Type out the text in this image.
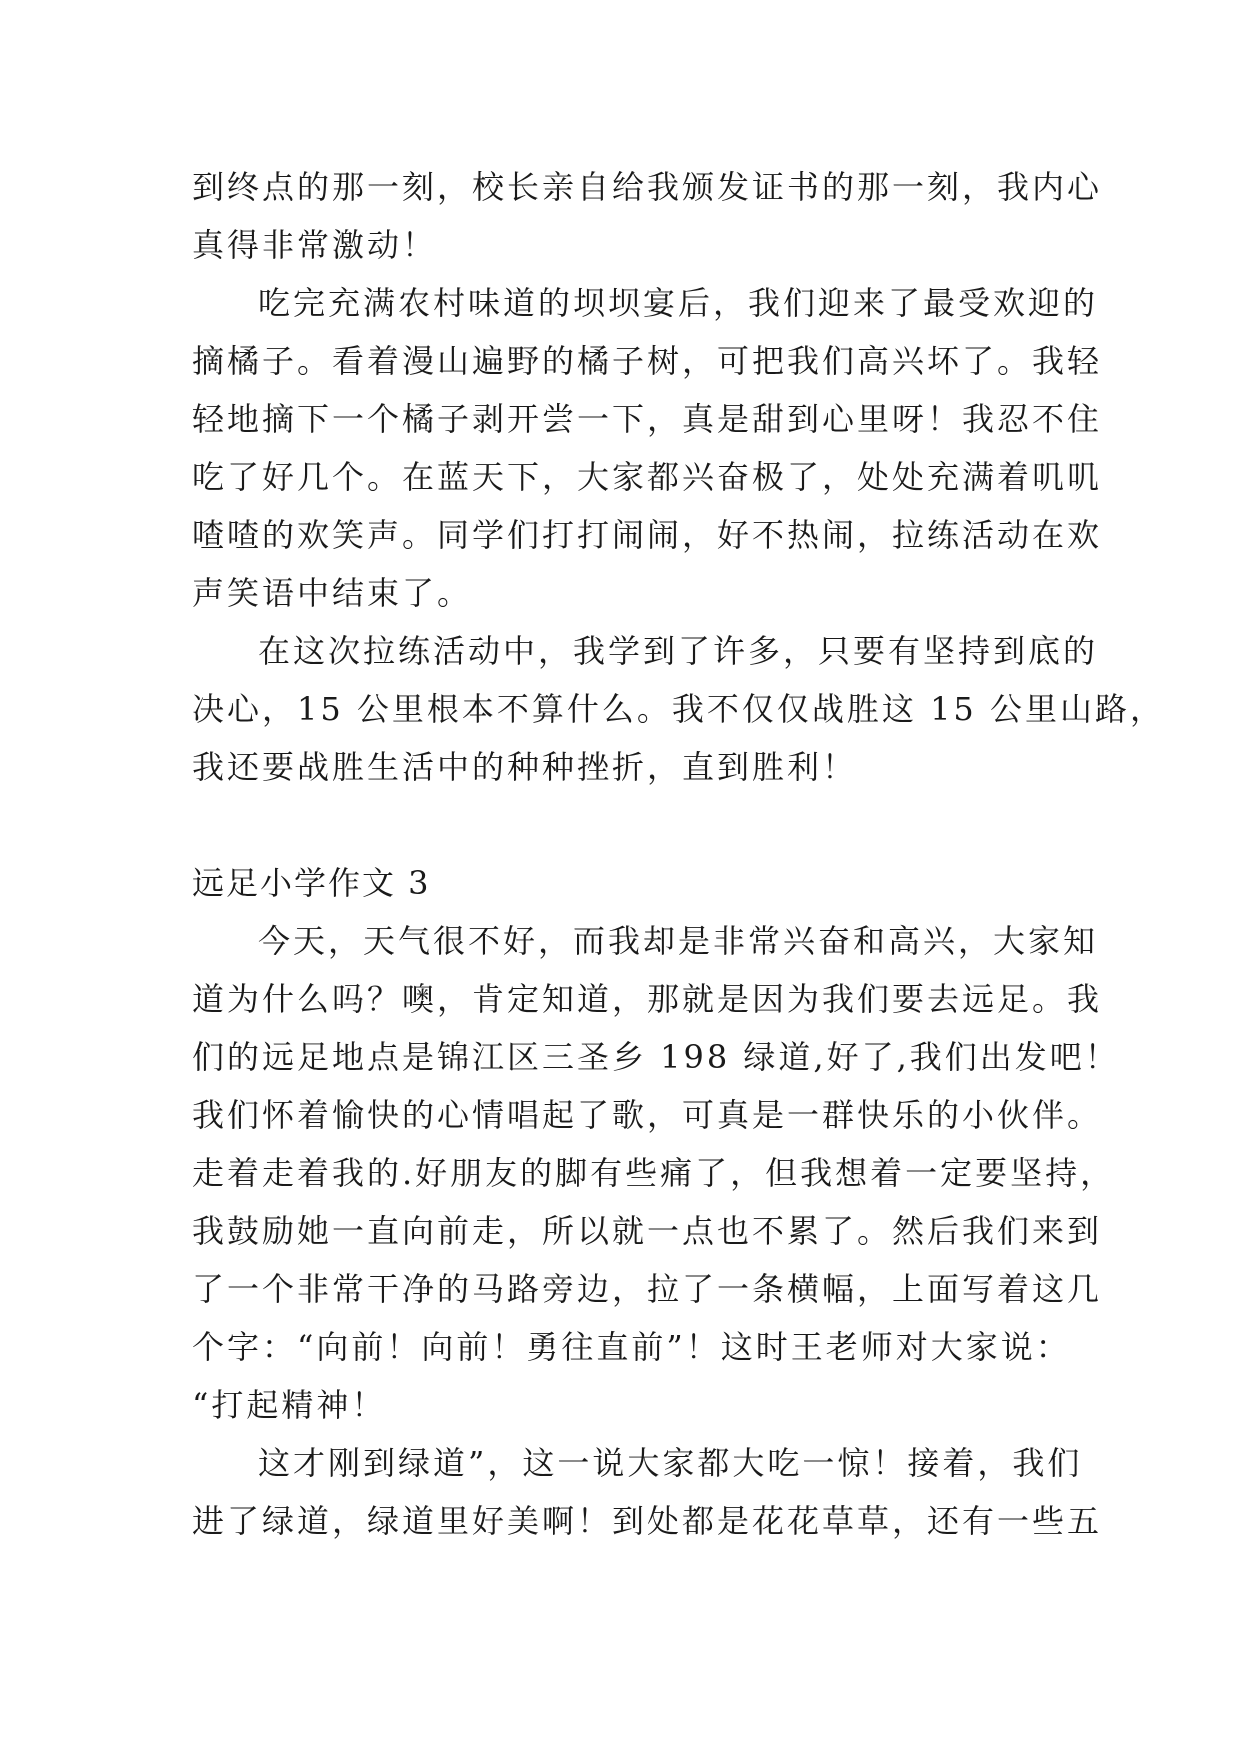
到终点的那一刻，校长亲自给我颁发证书的那一刻，我内心
真得非常激动！
吃完充满农村味道的坝坝宴后，我们迎来了最受欢迎的
摘橘子。看着漫山遍野的橘子树，可把我们高兴坏了。我轻
轻地摘下一个橘子剥开尝一下，真是甜到心里呀！我忍不住
吃了好几个。在蓝天下，大家都兴奋极了，处处充满着叽叽
喳喳的欢笑声。同学们打打闹闹，好不热闹，拉练活动在欢
声笑语中结束了。
在这次拉练活动中，我学到了许多，只要有坚持到底的
决心，15 公里根本不算什么。我不仅仅战胜这 15 公里山路，
我还要战胜生活中的种种挫折，直到胜利！
远足小学作文 3
今天，天气很不好，而我却是非常兴奋和高兴，大家知
道为什么吗？噢，肯定知道，那就是因为我们要去远足。我
们的远足地点是锦江区三圣乡 198 绿道,好了,我们出发吧！
我们怀着愉快的心情唱起了歌，可真是一群快乐的小伙伴。
走着走着我的.好朋友的脚有些痛了，但我想着一定要坚持，
我鼓励她一直向前走，所以就一点也不累了。然后我们来到
了一个非常干净的马路旁边，拉了一条横幅，上面写着这几
个字：“向前！向前！勇往直前”！这时王老师对大家说：
“打起精神！
这才刚到绿道”，这一说大家都大吃一惊！接着，我们
进了绿道，绿道里好美啊！到处都是花花草草，还有一些五
